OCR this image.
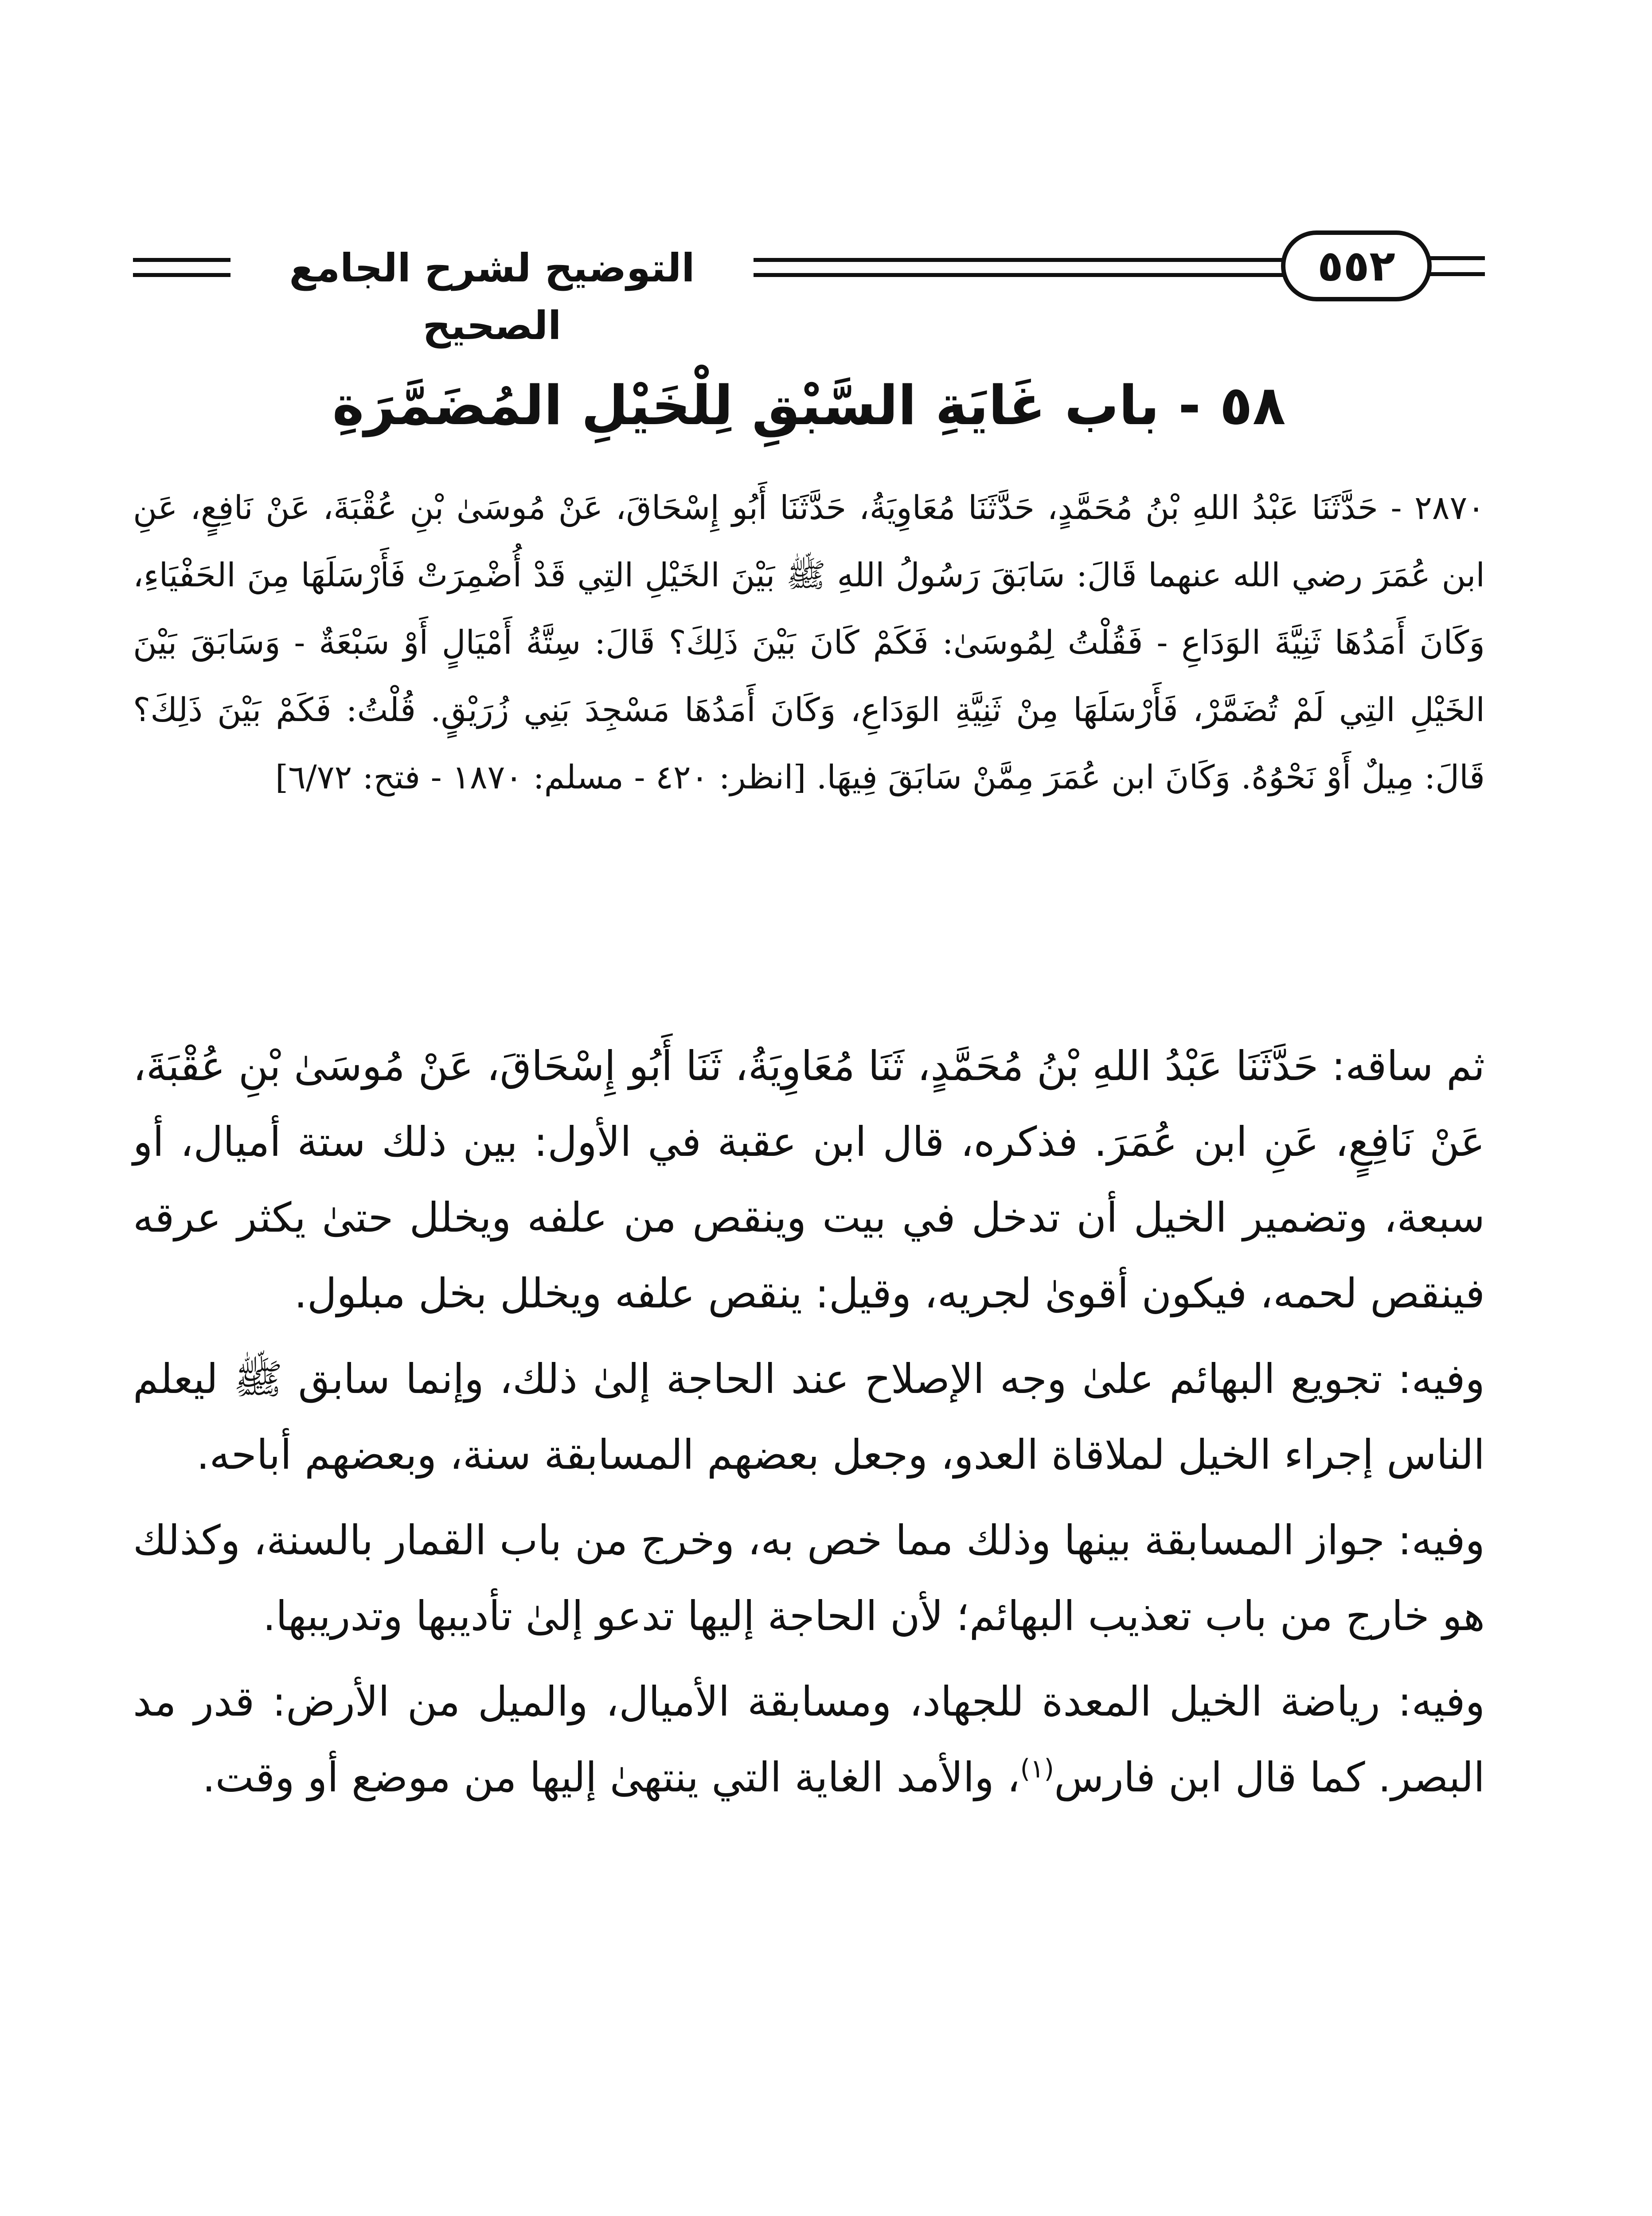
التوضيح لشرح الجامع الصحيح
٥٥٢
٥٨ - باب غَايَةِ السَّبْقِ لِلْخَيْلِ المُضَمَّرَةِ
٢٨٧٠ - حَدَّثَنَا عَبْدُ اللهِ بْنُ مُحَمَّدٍ، حَدَّثَنَا مُعَاوِيَةُ، حَدَّثَنَا أَبُو إِسْحَاقَ، عَنْ مُوسَىٰ بْنِ عُقْبَةَ، عَنْ نَافِعٍ، عَنِ ابن عُمَرَ رضي الله عنهما قَالَ: سَابَقَ رَسُولُ اللهِ ﷺ بَيْنَ الخَيْلِ التِي قَدْ أُضْمِرَتْ فَأَرْسَلَهَا مِنَ الحَفْيَاءِ، وَكَانَ أَمَدُهَا ثَنِيَّةَ الوَدَاعِ - فَقُلْتُ لِمُوسَىٰ: فَكَمْ كَانَ بَيْنَ ذَلِكَ؟ قَالَ: سِتَّةُ أَمْيَالٍ أَوْ سَبْعَةٌ - وَسَابَقَ بَيْنَ الخَيْلِ التِي لَمْ تُضَمَّرْ، فَأَرْسَلَهَا مِنْ ثَنِيَّةِ الوَدَاعِ، وَكَانَ أَمَدُهَا مَسْجِدَ بَنِي زُرَيْقٍ. قُلْتُ: فَكَمْ بَيْنَ ذَلِكَ؟ قَالَ: مِيلٌ أَوْ نَحْوُهُ. وَكَانَ ابن عُمَرَ مِمَّنْ سَابَقَ فِيهَا. [انظر: ٤٢٠ - مسلم: ١٨٧٠ - فتح: ٦/٧٢]

ثم ساقه: حَدَّثَنَا عَبْدُ اللهِ بْنُ مُحَمَّدٍ، ثَنَا مُعَاوِيَةُ، ثَنَا أَبُو إِسْحَاقَ، عَنْ مُوسَىٰ بْنِ عُقْبَةَ، عَنْ نَافِعٍ، عَنِ ابن عُمَرَ. فذكره، قال ابن عقبة في الأول: بين ذلك ستة أميال، أو سبعة، وتضمير الخيل أن تدخل في بيت وينقص من علفه ويخلل حتىٰ يكثر عرقه فينقص لحمه، فيكون أقوىٰ لجريه، وقيل: ينقص علفه ويخلل بخل مبلول.

وفيه: تجويع البهائم علىٰ وجه الإصلاح عند الحاجة إلىٰ ذلك، وإنما سابق ﷺ ليعلم الناس إجراء الخيل لملاقاة العدو، وجعل بعضهم المسابقة سنة، وبعضهم أباحه.

وفيه: جواز المسابقة بينها وذلك مما خص به، وخرج من باب القمار بالسنة، وكذلك هو خارج من باب تعذيب البهائم؛ لأن الحاجة إليها تدعو إلىٰ تأديبها وتدريبها.

وفيه: رياضة الخيل المعدة للجهاد، ومسابقة الأميال، والميل من الأرض: قدر مد البصر. كما قال ابن فارس$^{(١)}$، والأمد الغاية التي ينتهىٰ إليها من موضع أو وقت.
